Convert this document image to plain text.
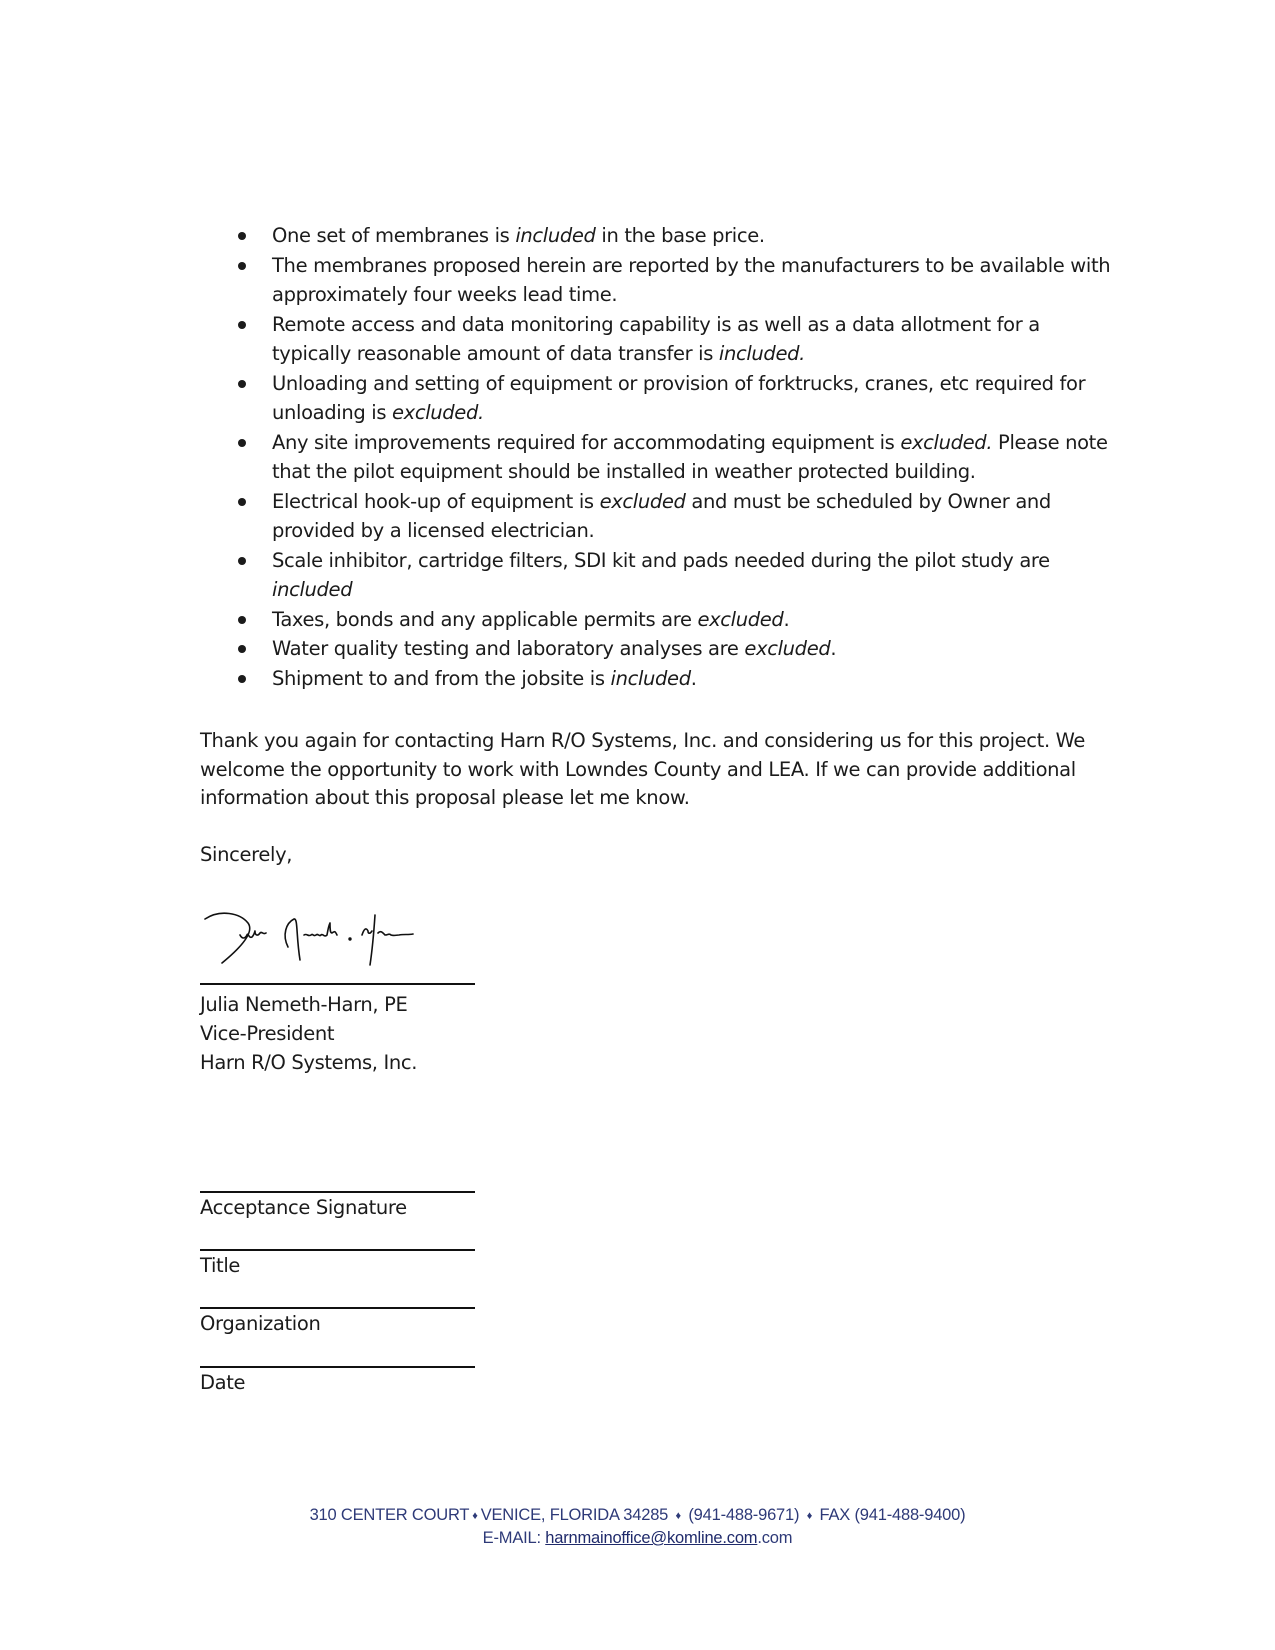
One set of membranes is included in the base price.
The membranes proposed herein are reported by the manufacturers to be available with approximately four weeks lead time.
Remote access and data monitoring capability is as well as a data allotment for a typically reasonable amount of data transfer is included.
Unloading and setting of equipment or provision of forktrucks, cranes, etc required for unloading is excluded.
Any site improvements required for accommodating equipment is excluded. Please note that the pilot equipment should be installed in weather protected building.
Electrical hook-up of equipment is excluded and must be scheduled by Owner and provided by a licensed electrician.
Scale inhibitor, cartridge filters, SDI kit and pads needed during the pilot study are included
Taxes, bonds and any applicable permits are excluded.
Water quality testing and laboratory analyses are excluded.
Shipment to and from the jobsite is included.

Thank you again for contacting Harn R/O Systems, Inc. and considering us for this project. We welcome the opportunity to work with Lowndes County and LEA. If we can provide additional information about this proposal please let me know.

Sincerely,

Julia Nemeth-Harn, PE
Vice-President
Harn R/O Systems, Inc.
Acceptance Signature
Title
Organization
Date
310 CENTER COURT ♦ VENICE, FLORIDA 34285 ♦ (941-488-9671) ♦ FAX (941-488-9400)
E-MAIL: harnmainoffice@komline.com.com
